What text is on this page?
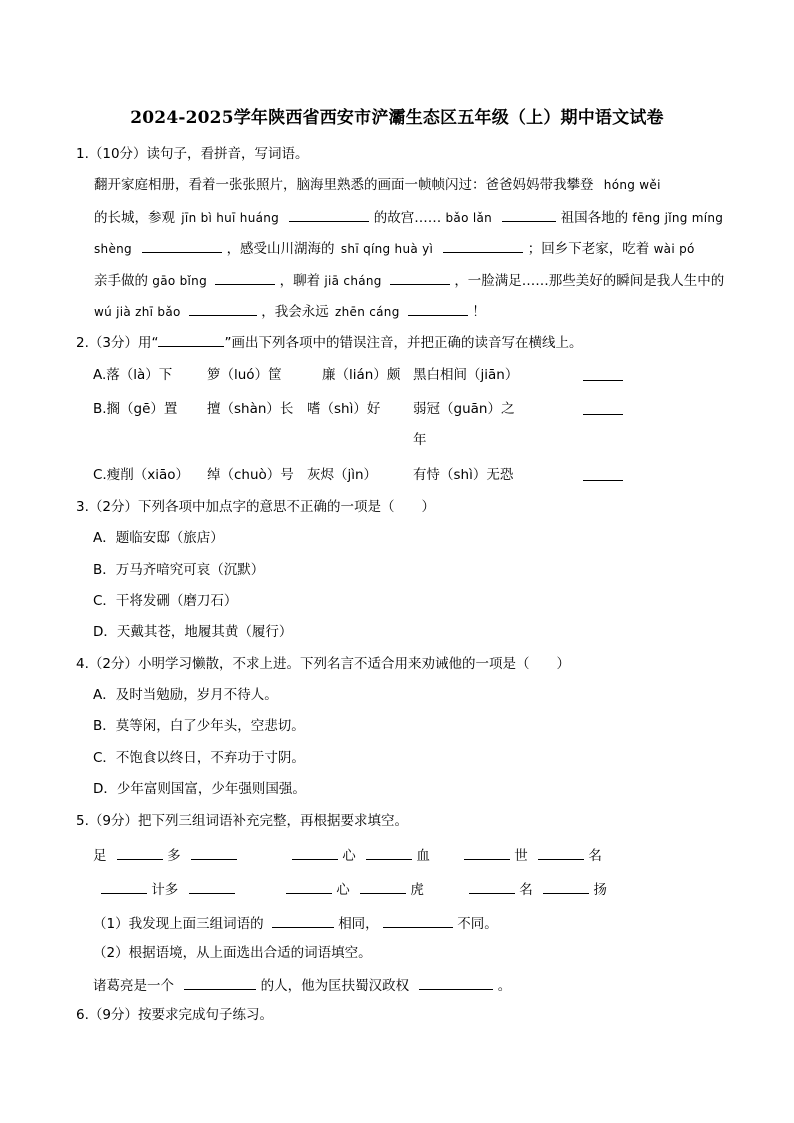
2024-2025学年陕西省西安市浐灞生态区五年级（上）期中语文试卷
1.（10分）读句子，看拼音，写词语。
翻开家庭相册，看着一张张照片，脑海里熟悉的画面一帧帧闪过：爸爸妈妈带我攀登 hóng wěi
的长城，参观 jīn bì huī huáng	的故宫…… bǎo lǎn	祖国各地的 fēng jǐng míng
shèng	，感受山川湖海的 shī qíng huà yì	；回乡下老家，吃着 wài pó
亲手做的 gāo bǐng	，聊着 jiā cháng	，一脸满足……那些美好的瞬间是我人生中的
wú jià zhī bǎo	，我会永远 zhēn cáng	！
2.（3分）用“	”画出下列各项中的错误注音，并把正确的读音写在横线上。
A.落（là）下	箩（luó）筐	廉（lián）颇 黑白相间（jiān）
B.搁（gē）置 擅（shàn）长 嗜（shì）好 弱冠（guān）之
年
C.瘦削（xiāo） 绰（chuò）号 灰烬（jìn）	有恃（shì）无恐
3.（2分）下列各项中加点字的意思不正确的一项是（　　）
A．题临安邸（旅店）
B．万马齐喑究可哀（沉默）
C．干将发硎（磨刀石）
D．天戴其苍，地履其黄（履行）
4.（2分）小明学习懒散，不求上进。下列名言不适合用来劝诫他的一项是（　　）
A．及时当勉励，岁月不待人。
B．莫等闲，白了少年头，空悲切。
C．不饱食以终日，不弃功于寸阴。
D．少年富则国富，少年强则国强。
5.（9分）把下列三组词语补充完整，再根据要求填空。
足	多	心	血	世	名
计多	心	虎	名	扬
（1）我发现上面三组词语的	相同，	不同。
（2）根据语境，从上面选出合适的词语填空。
诸葛亮是一个	的人，他为匡扶蜀汉政权	。
6.（9分）按要求完成句子练习。
